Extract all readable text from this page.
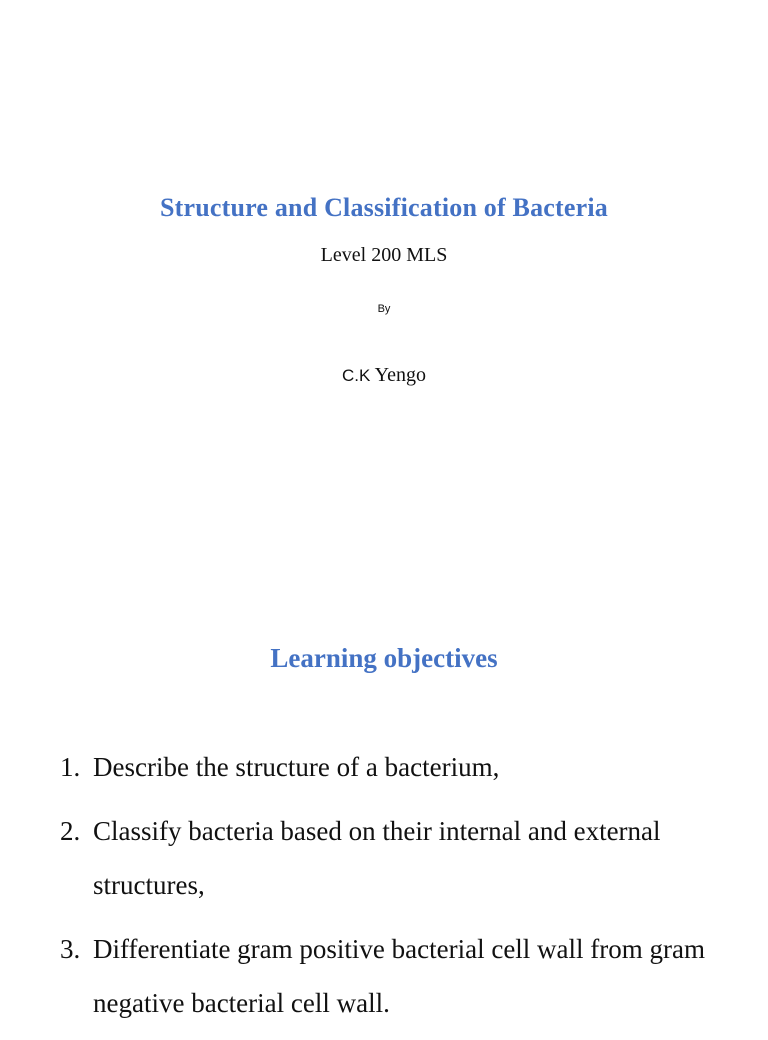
Structure and Classification of Bacteria

Level 200 MLS

By

C.K Yengo

Learning objectives
1. Describe the structure of a bacterium,
2. Classify bacteria based on their internal and external structures,
3. Differentiate gram positive bacterial cell wall from gram negative bacterial cell wall.
